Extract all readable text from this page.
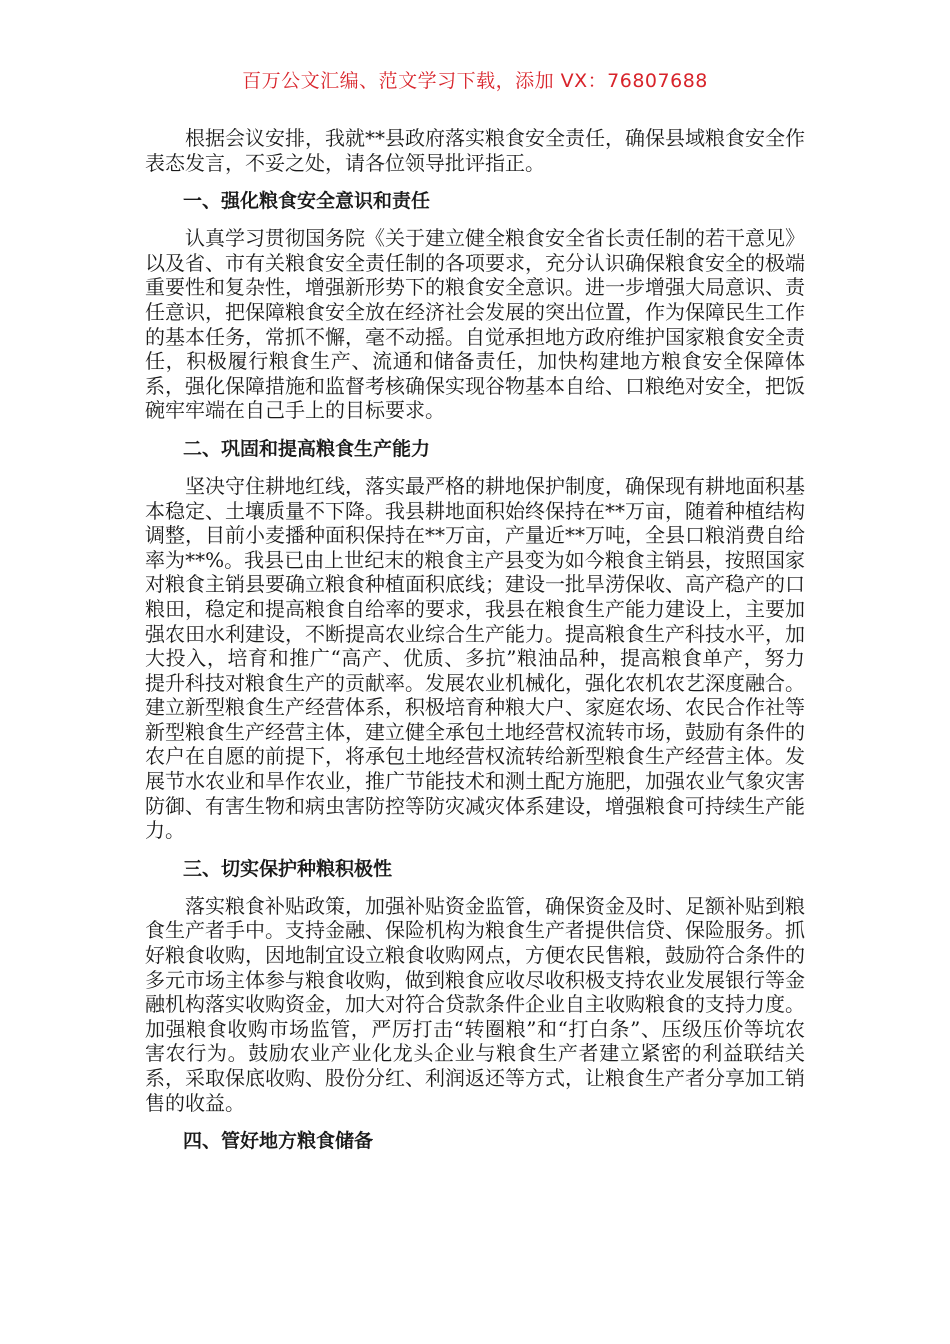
百万公文汇编、范文学习下载，添加 VX：76807688

根据会议安排，我就**县政府落实粮食安全责任，确保县域粮食安全作表态发言，不妥之处，请各位领导批评指正。

一、强化粮食安全意识和责任

认真学习贯彻国务院《关于建立健全粮食安全省长责任制的若干意见》以及省、市有关粮食安全责任制的各项要求，充分认识确保粮食安全的极端重要性和复杂性，增强新形势下的粮食安全意识。进一步增强大局意识、责任意识，把保障粮食安全放在经济社会发展的突出位置，作为保障民生工作的基本任务，常抓不懈，毫不动摇。自觉承担地方政府维护国家粮食安全责任，积极履行粮食生产、流通和储备责任，加快构建地方粮食安全保障体系，强化保障措施和监督考核确保实现谷物基本自给、口粮绝对安全，把饭碗牢牢端在自己手上的目标要求。

二、巩固和提高粮食生产能力

坚决守住耕地红线，落实最严格的耕地保护制度，确保现有耕地面积基本稳定、土壤质量不下降。我县耕地面积始终保持在**万亩，随着种植结构调整，目前小麦播种面积保持在**万亩，产量近**万吨，全县口粮消费自给率为**%。我县已由上世纪末的粮食主产县变为如今粮食主销县，按照国家对粮食主销县要确立粮食种植面积底线；建设一批旱涝保收、高产稳产的口粮田，稳定和提高粮食自给率的要求，我县在粮食生产能力建设上，主要加强农田水利建设，不断提高农业综合生产能力。提高粮食生产科技水平，加大投入，培育和推广“高产、优质、多抗”粮油品种，提高粮食单产，努力提升科技对粮食生产的贡献率。发展农业机械化，强化农机农艺深度融合。建立新型粮食生产经营体系，积极培育种粮大户、家庭农场、农民合作社等新型粮食生产经营主体，建立健全承包土地经营权流转市场，鼓励有条件的农户在自愿的前提下，将承包土地经营权流转给新型粮食生产经营主体。发展节水农业和旱作农业，推广节能技术和测土配方施肥，加强农业气象灾害防御、有害生物和病虫害防控等防灾减灾体系建设，增强粮食可持续生产能力。

三、切实保护种粮积极性

落实粮食补贴政策，加强补贴资金监管，确保资金及时、足额补贴到粮食生产者手中。支持金融、保险机构为粮食生产者提供信贷、保险服务。抓好粮食收购，因地制宜设立粮食收购网点，方便农民售粮，鼓励符合条件的多元市场主体参与粮食收购，做到粮食应收尽收积极支持农业发展银行等金融机构落实收购资金，加大对符合贷款条件企业自主收购粮食的支持力度。加强粮食收购市场监管，严厉打击“转圈粮”和“打白条”、压级压价等坑农害农行为。鼓励农业产业化龙头企业与粮食生产者建立紧密的利益联结关系，采取保底收购、股份分红、利润返还等方式，让粮食生产者分享加工销售的收益。

四、管好地方粮食储备
